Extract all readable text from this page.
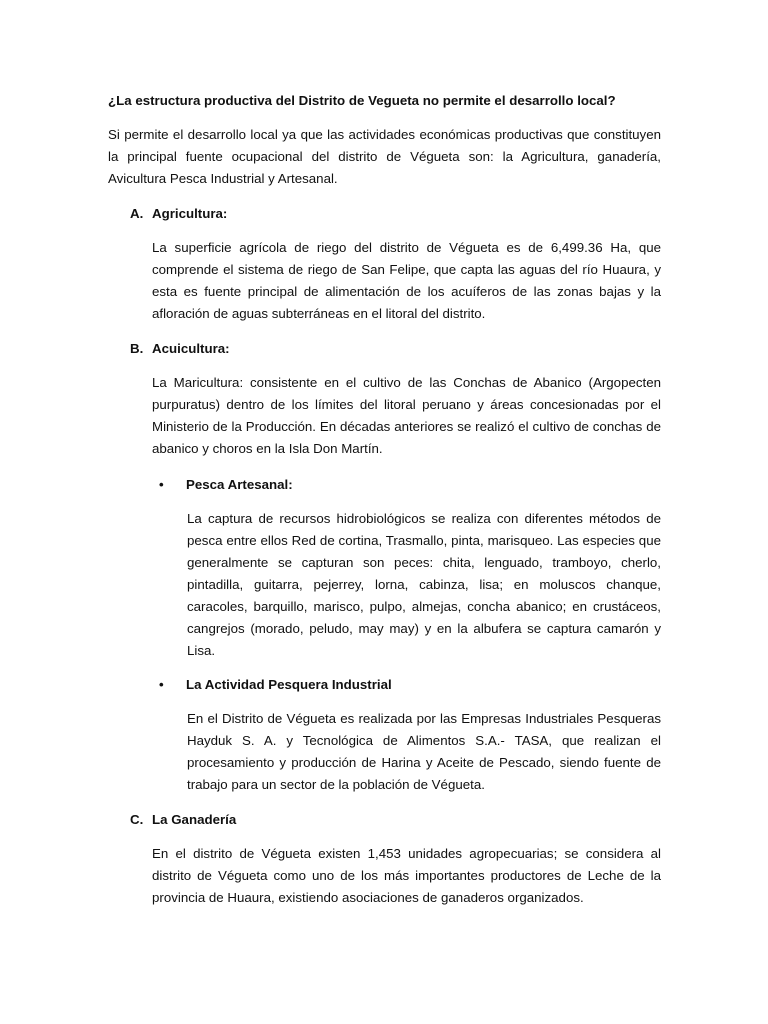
¿La estructura productiva del Distrito de Vegueta no permite el desarrollo local?

Si permite el desarrollo local ya que las actividades económicas productivas que constituyen la principal fuente ocupacional del distrito de Végueta son: la Agricultura, ganadería, Avicultura Pesca Industrial y Artesanal.

A. Agricultura:

La superficie agrícola de riego del distrito de Végueta es de 6,499.36 Ha, que comprende el sistema de riego de San Felipe, que capta las aguas del río Huaura, y esta es fuente principal de alimentación de los acuíferos de las zonas bajas y la afloración de aguas subterráneas en el litoral del distrito.

B. Acuicultura:

La Maricultura: consistente en el cultivo de las Conchas de Abanico (Argopecten purpuratus) dentro de los límites del litoral peruano y áreas concesionadas por el Ministerio de la Producción. En décadas anteriores se realizó el cultivo de conchas de abanico y choros en la Isla Don Martín.

• Pesca Artesanal:

La captura de recursos hidrobiológicos se realiza con diferentes métodos de pesca entre ellos Red de cortina, Trasmallo, pinta, marisqueo. Las especies que generalmente se capturan son peces: chita, lenguado, tramboyo, cherlo, pintadilla, guitarra, pejerrey, lorna, cabinza, lisa; en moluscos chanque, caracoles, barquillo, marisco, pulpo, almejas, concha abanico; en crustáceos, cangrejos (morado, peludo, may may) y en la albufera se captura camarón y Lisa.

• La Actividad Pesquera Industrial

En el Distrito de Végueta es realizada por las Empresas Industriales Pesqueras Hayduk S. A. y Tecnológica de Alimentos S.A.- TASA, que realizan el procesamiento y producción de Harina y Aceite de Pescado, siendo fuente de trabajo para un sector de la población de Végueta.

C. La Ganadería

En el distrito de Végueta existen 1,453 unidades agropecuarias; se considera al distrito de Végueta como uno de los más importantes productores de Leche de la provincia de Huaura, existiendo asociaciones de ganaderos organizados.
